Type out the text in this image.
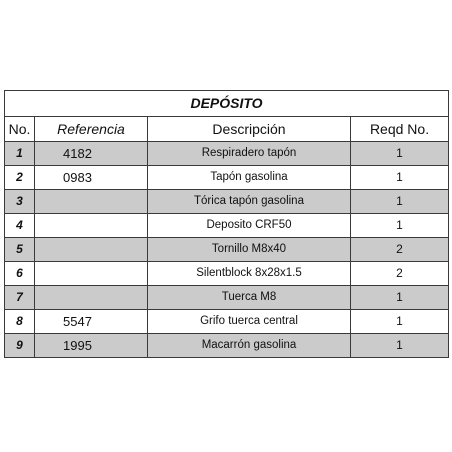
DEPÓSITO			
No.	Referencia	Descripción	Reqd No.
1	4182	Respiradero tapón	1
2	0983	Tapón gasolina	1
3		Tórica tapón gasolina	1
4		Deposito CRF50	1
5		Tornillo M8x40	2
6		Silentblock 8x28x1.5	2
7		Tuerca M8	1
8	5547	Grifo tuerca central	1
9	1995	Macarrón gasolina	1
